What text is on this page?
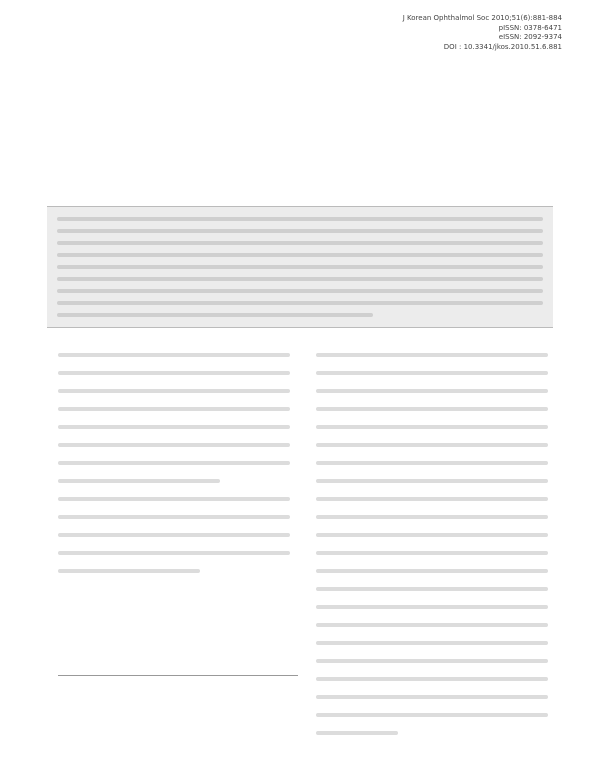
J Korean Ophthalmol Soc 2010;51(6):881-884
pISSN: 0378-6471
eISSN: 2092-9374
DOI : 10.3341/jkos.2010.51.6.881
